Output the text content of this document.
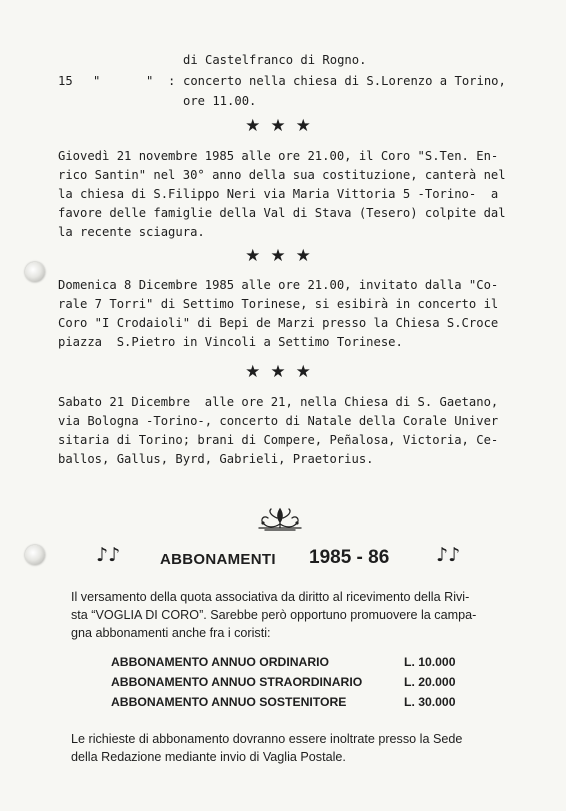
di Castelfranco di Rogno.
15 "	" : concerto nella chiesa di S.Lorenzo a Torino,
ore 11.00.
★★★
Giovedì 21 novembre 1985 alle ore 21.00, il Coro "S.Ten. En-
rico Santin" nel 30° anno della sua costituzione, canterà nel
la chiesa di S.Filippo Neri via Maria Vittoria 5 -Torino-  a
favore delle famiglie della Val di Stava (Tesero) colpite dal
la recente sciagura.
★★★
Domenica 8 Dicembre 1985 alle ore 21.00, invitato dalla "Co-
rale 7 Torri" di Settimo Torinese, si esibirà in concerto il
Coro "I Crodaioli" di Bepi de Marzi presso la Chiesa S.Croce
piazza  S.Pietro in Vincoli a Settimo Torinese.
★★★
Sabato 21 Dicembre  alle ore 21, nella Chiesa di S. Gaetano,
via Bologna -Torino-, concerto di Natale della Corale Univer
sitaria di Torino; brani di Compere, Peñalosa, Victoria, Ce-
ballos, Gallus, Byrd, Gabrieli, Praetorius.
♪♪	ABBONAMENTI 1985 - 86 ♪♪
Il versamento della quota associativa da diritto al ricevimento della Rivi-
sta “VOGLIA DI CORO”. Sarebbe però opportuno promuovere la campa-
gna abbonamenti anche fra i coristi:
ABBONAMENTO ANNUO ORDINARIO	L. 10.000
ABBONAMENTO ANNUO STRAORDINARIO	L. 20.000
ABBONAMENTO ANNUO SOSTENITORE	L. 30.000
Le richieste di abbonamento dovranno essere inoltrate presso la Sede
della Redazione mediante invio di Vaglia Postale.
